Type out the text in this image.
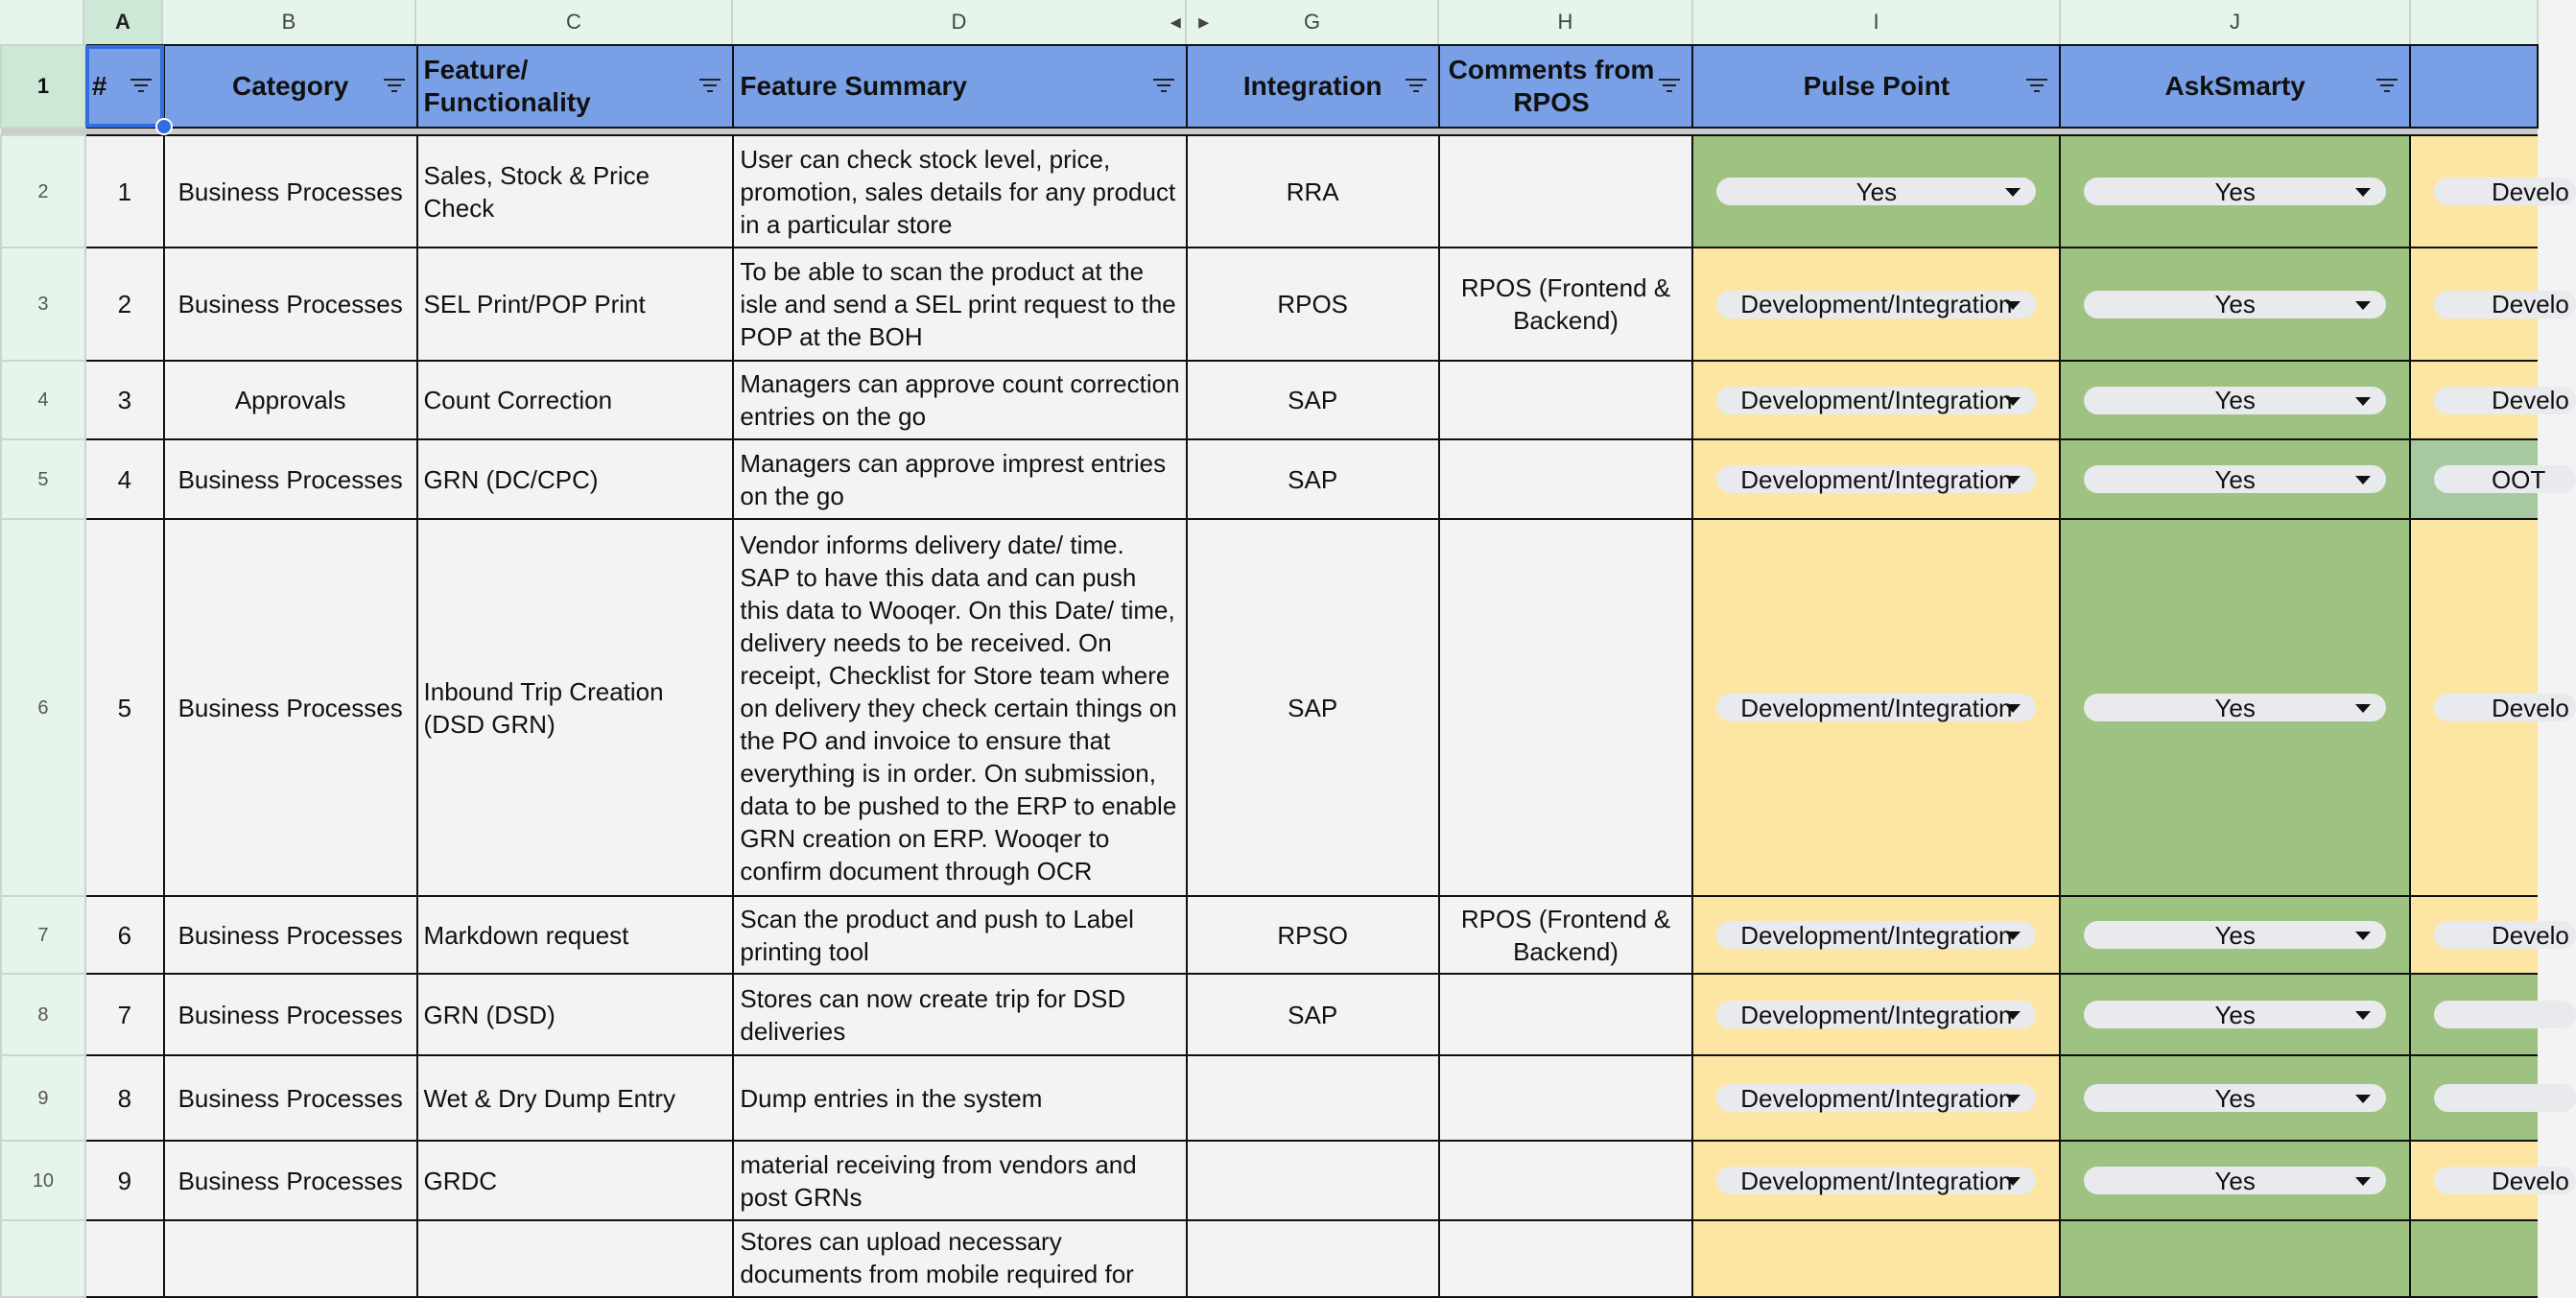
A	B	C	D	◂   ▸	G	H	I	J
1	#	Category	Feature/ Functionality	Feature Summary	Integration	Comments from RPOS	Pulse Point	AskSmarty

2	1	Business Processes	Sales, Stock & Price Check	User can check stock level, price, promotion, sales details for any product in a particular store	RRA		Yes	Yes	Develo

3	2	Business Processes	SEL Print/POP Print	To be able to scan the product at the isle and send a SEL print request to the POP at the BOH	RPOS	RPOS (Frontend & Backend)	Development/Integration	Yes	Develo

4	3	Approvals	Count Correction	Managers can approve count correction entries on the go	SAP		Development/Integration	Yes	Develo

5	4	Business Processes	GRN (DC/CPC)	Managers can approve imprest entries on the go	SAP		Development/Integration	Yes	OOT

6	5	Business Processes	Inbound Trip Creation (DSD GRN)	Vendor informs delivery date/ time. SAP to have this data and can push this data to Wooqer. On this Date/ time, delivery needs to be received. On receipt, Checklist for Store team where on delivery they check certain things on the PO and invoice to ensure that everything is in order. On submission, data to be pushed to the ERP to enable GRN creation on ERP. Wooqer to confirm document through OCR	SAP		Development/Integration	Yes	Develo

7	6	Business Processes	Markdown request	Scan the product and push to Label printing tool	RPSO	RPOS (Frontend & Backend)	Development/Integration	Yes	Develo

8	7	Business Processes	GRN (DSD)	Stores can now create trip for DSD deliveries	SAP		Development/Integration	Yes	

9	8	Business Processes	Wet & Dry Dump Entry	Dump entries in the system			Development/Integration	Yes	

10	9	Business Processes	GRDC	material receiving from vendors and post GRNs			Development/Integration	Yes	Develo

				Stores can upload necessary documents from mobile required for					
